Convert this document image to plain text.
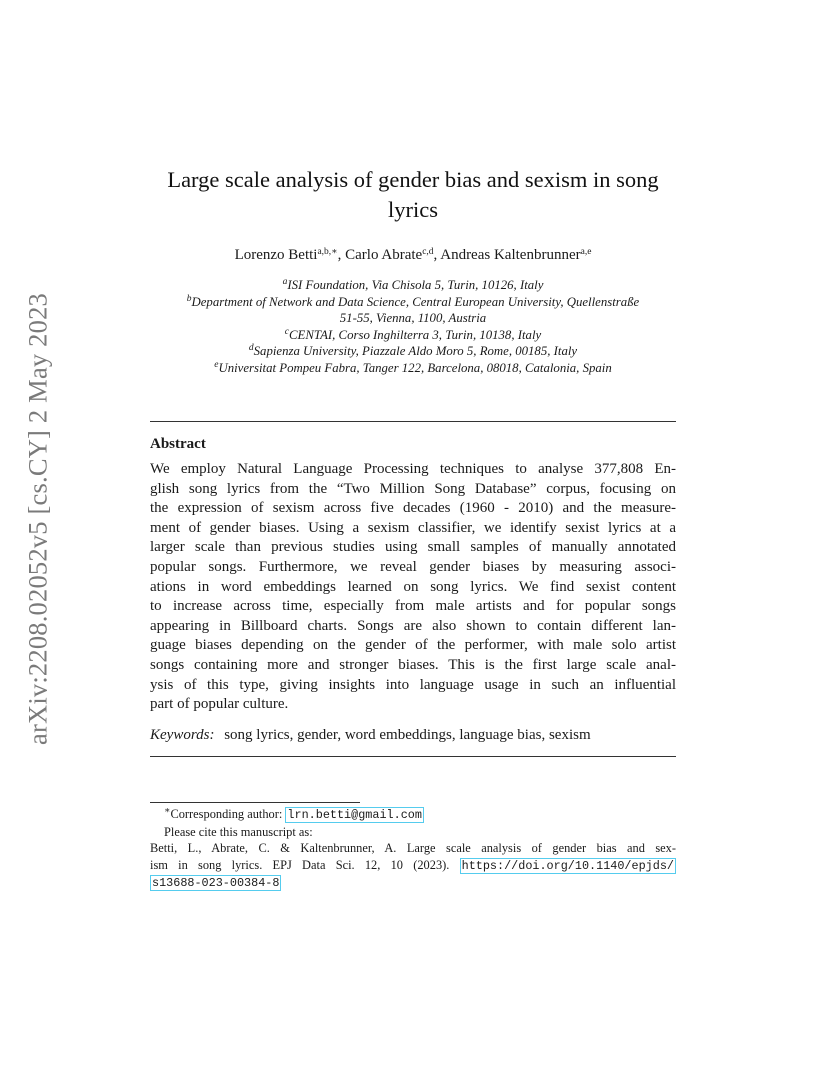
arXiv:2208.02052v5 [cs.CY] 2 May 2023
Large scale analysis of gender bias and sexism in song
lyrics
Lorenzo Betti$^{a,b,∗}$, Carlo Abrate$^{c,d}$, Andreas Kaltenbrunner$^{a,e}$
$^a$ISI Foundation, Via Chisola 5, Turin, 10126, Italy
$^b$Department of Network and Data Science, Central European University, Quellenstraße
51-55, Vienna, 1100, Austria
$^c$CENTAI, Corso Inghilterra 3, Turin, 10138, Italy
$^d$Sapienza University, Piazzale Aldo Moro 5, Rome, 00185, Italy
$^e$Universitat Pompeu Fabra, Tanger 122, Barcelona, 08018, Catalonia, Spain
Abstract
We employ Natural Language Processing techniques to analyse 377,808 En-
glish song lyrics from the “Two Million Song Database” corpus, focusing on
the expression of sexism across five decades (1960 - 2010) and the measure-
ment of gender biases. Using a sexism classifier, we identify sexist lyrics at a
larger scale than previous studies using small samples of manually annotated
popular songs. Furthermore, we reveal gender biases by measuring associ-
ations in word embeddings learned on song lyrics. We find sexist content
to increase across time, especially from male artists and for popular songs
appearing in Billboard charts. Songs are also shown to contain different lan-
guage biases depending on the gender of the performer, with male solo artist
songs containing more and stronger biases. This is the first large scale anal-
ysis of this type, giving insights into language usage in such an influential
part of popular culture.
Keywords: song lyrics, gender, word embeddings, language bias, sexism
∗Corresponding author: lrn.betti@gmail.com
Please cite this manuscript as:
Betti, L., Abrate, C. & Kaltenbrunner, A. Large scale analysis of gender bias and sex-
ism in song lyrics. EPJ Data Sci. 12, 10 (2023). https://doi.org/10.1140/epjds/
s13688-023-00384-8
